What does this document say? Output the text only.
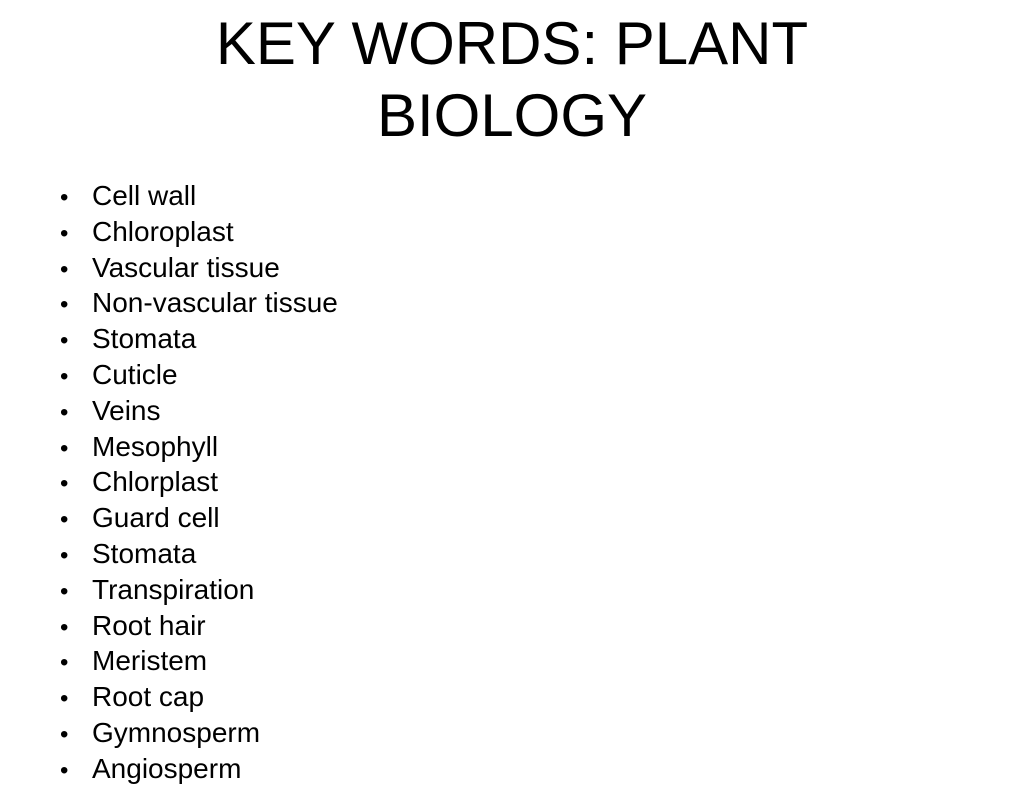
KEY WORDS: PLANT
BIOLOGY
• Cell wall
• Chloroplast
• Vascular tissue
• Non-vascular tissue
• Stomata
• Cuticle
• Veins
• Mesophyll
• Chlorplast
• Guard cell
• Stomata
• Transpiration
• Root hair
• Meristem
• Root cap
• Gymnosperm
• Angiosperm
